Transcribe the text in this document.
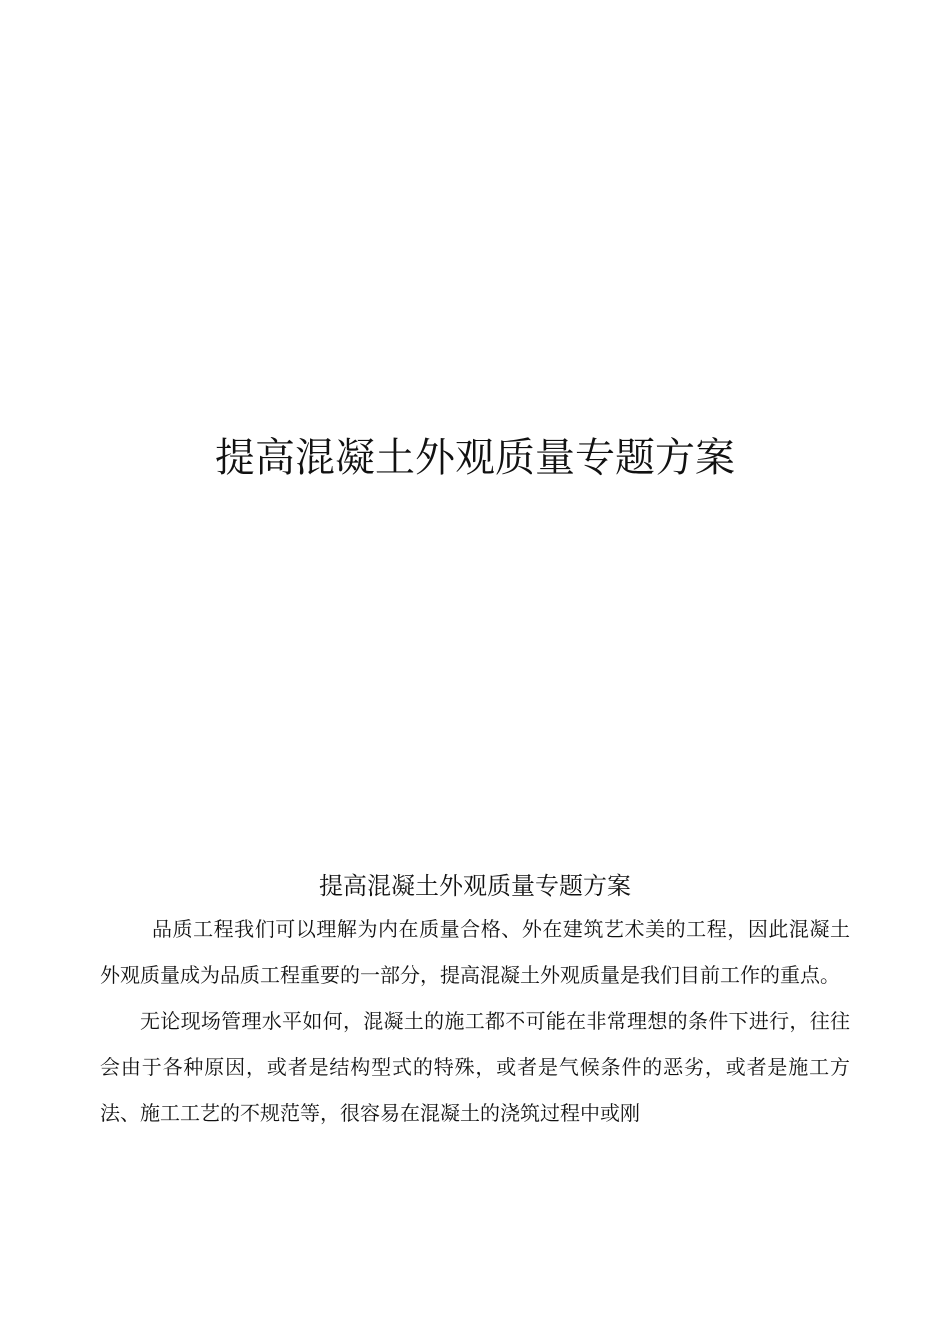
提高混凝土外观质量专题方案
提高混凝土外观质量专题方案

品质工程我们可以理解为内在质量合格、外在建筑艺术美的工程，因此混凝土外观质量成为品质工程重要的一部分，提高混凝土外观质量是我们目前工作的重点。

无论现场管理水平如何，混凝土的施工都不可能在非常理想的条件下进行，往往会由于各种原因，或者是结构型式的特殊，或者是气候条件的恶劣，或者是施工方法、施工工艺的不规范等，很容易在混凝土的浇筑过程中或刚
